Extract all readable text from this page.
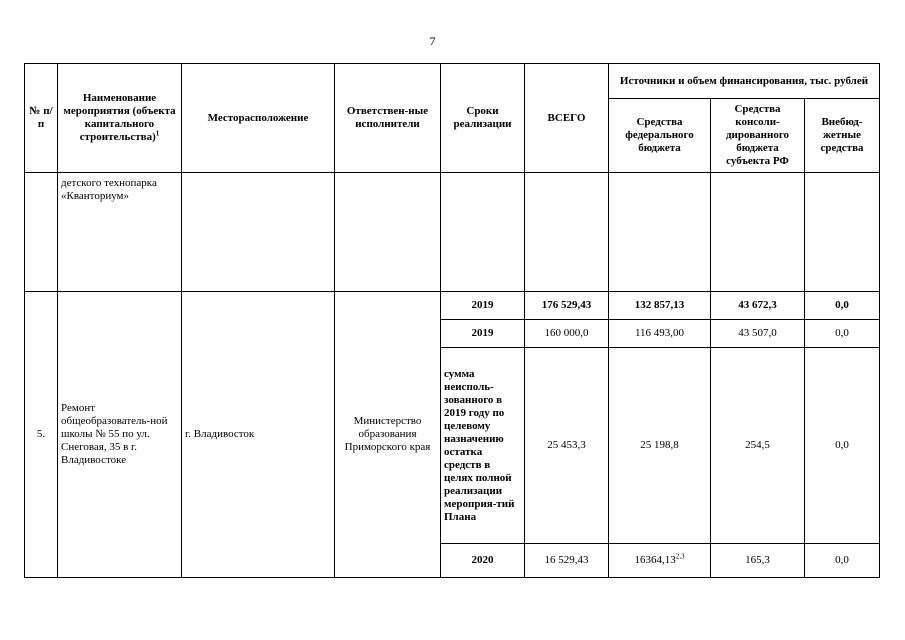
7
№ п/п	Наименование мероприятия (объекта капитального строительства)$^1$	Месторасположение	Ответствен-ные исполнители	Сроки реализации	ВСЕГО	Источники и объем финансирования, тыс. рублей		
						Средства федерального бюджета	Средства консоли-дированного бюджета субъекта РФ	Внебюд-жетные средства
	детского технопарка «Кванториум»							
5.	Ремонт общеобразователь-ной школы № 55 по ул. Снеговая, 35 в г. Владивостоке	г. Владивосток	Министерство образования Приморского края	2019	176 529,43	132 857,13	43 672,3	0,0
				2019	160 000,0	116 493,00	43 507,0	0,0
				сумма неисполь-зованного в 2019 году по целевому назначению остатка средств в целях полной реализации мероприя-тий Плана	25 453,3	25 198,8	254,5	0,0
				2020	16 529,43	16364,13$^{2,3}$	165,3	0,0
